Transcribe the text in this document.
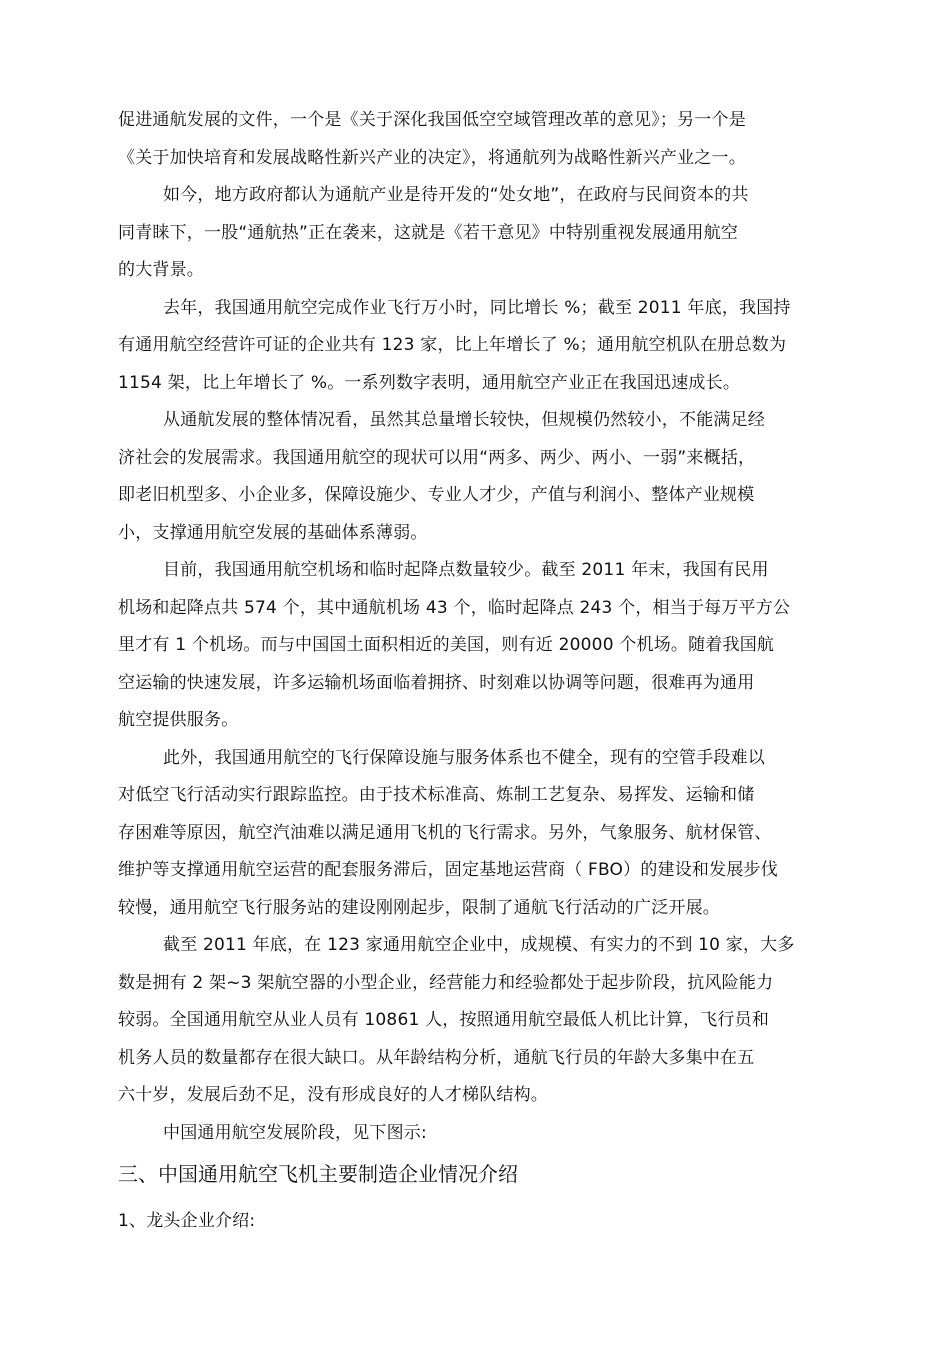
促进通航发展的文件，一个是《关于深化我国低空空域管理改革的意见》；另一个是
《关于加快培育和发展战略性新兴产业的决定》，将通航列为战略性新兴产业之一。
如今，地方政府都认为通航产业是待开发的“处女地”，在政府与民间资本的共
同青睐下，一股“通航热”正在袭来，这就是《若干意见》中特别重视发展通用航空
的大背景。
去年，我国通用航空完成作业飞行万小时，同比增长 %；截至 2011 年底，我国持
有通用航空经营许可证的企业共有 123 家，比上年增长了 %；通用航空机队在册总数为
1154 架，比上年增长了 %。一系列数字表明，通用航空产业正在我国迅速成长。
从通航发展的整体情况看，虽然其总量增长较快，但规模仍然较小，不能满足经
济社会的发展需求。我国通用航空的现状可以用“两多、两少、两小、一弱”来概括，
即老旧机型多、小企业多，保障设施少、专业人才少，产值与利润小、整体产业规模
小，支撑通用航空发展的基础体系薄弱。
目前，我国通用航空机场和临时起降点数量较少。截至 2011 年末，我国有民用
机场和起降点共 574 个，其中通航机场 43 个，临时起降点 243 个，相当于每万平方公
里才有 1 个机场。而与中国国土面积相近的美国，则有近 20000 个机场。随着我国航
空运输的快速发展，许多运输机场面临着拥挤、时刻难以协调等问题，很难再为通用
航空提供服务。
此外，我国通用航空的飞行保障设施与服务体系也不健全，现有的空管手段难以
对低空飞行活动实行跟踪监控。由于技术标准高、炼制工艺复杂、易挥发、运输和储
存困难等原因，航空汽油难以满足通用飞机的飞行需求。另外，气象服务、航材保管、
维护等支撑通用航空运营的配套服务滞后，固定基地运营商（ FBO）的建设和发展步伐
较慢，通用航空飞行服务站的建设刚刚起步，限制了通航飞行活动的广泛开展。
截至 2011 年底，在 123 家通用航空企业中，成规模、有实力的不到 10 家，大多
数是拥有 2 架~3 架航空器的小型企业，经营能力和经验都处于起步阶段，抗风险能力
较弱。全国通用航空从业人员有 10861 人，按照通用航空最低人机比计算，飞行员和
机务人员的数量都存在很大缺口。从年龄结构分析，通航飞行员的年龄大多集中在五
六十岁，发展后劲不足，没有形成良好的人才梯队结构。
中国通用航空发展阶段，见下图示:
三、中国通用航空飞机主要制造企业情况介绍
1、龙头企业介绍:
